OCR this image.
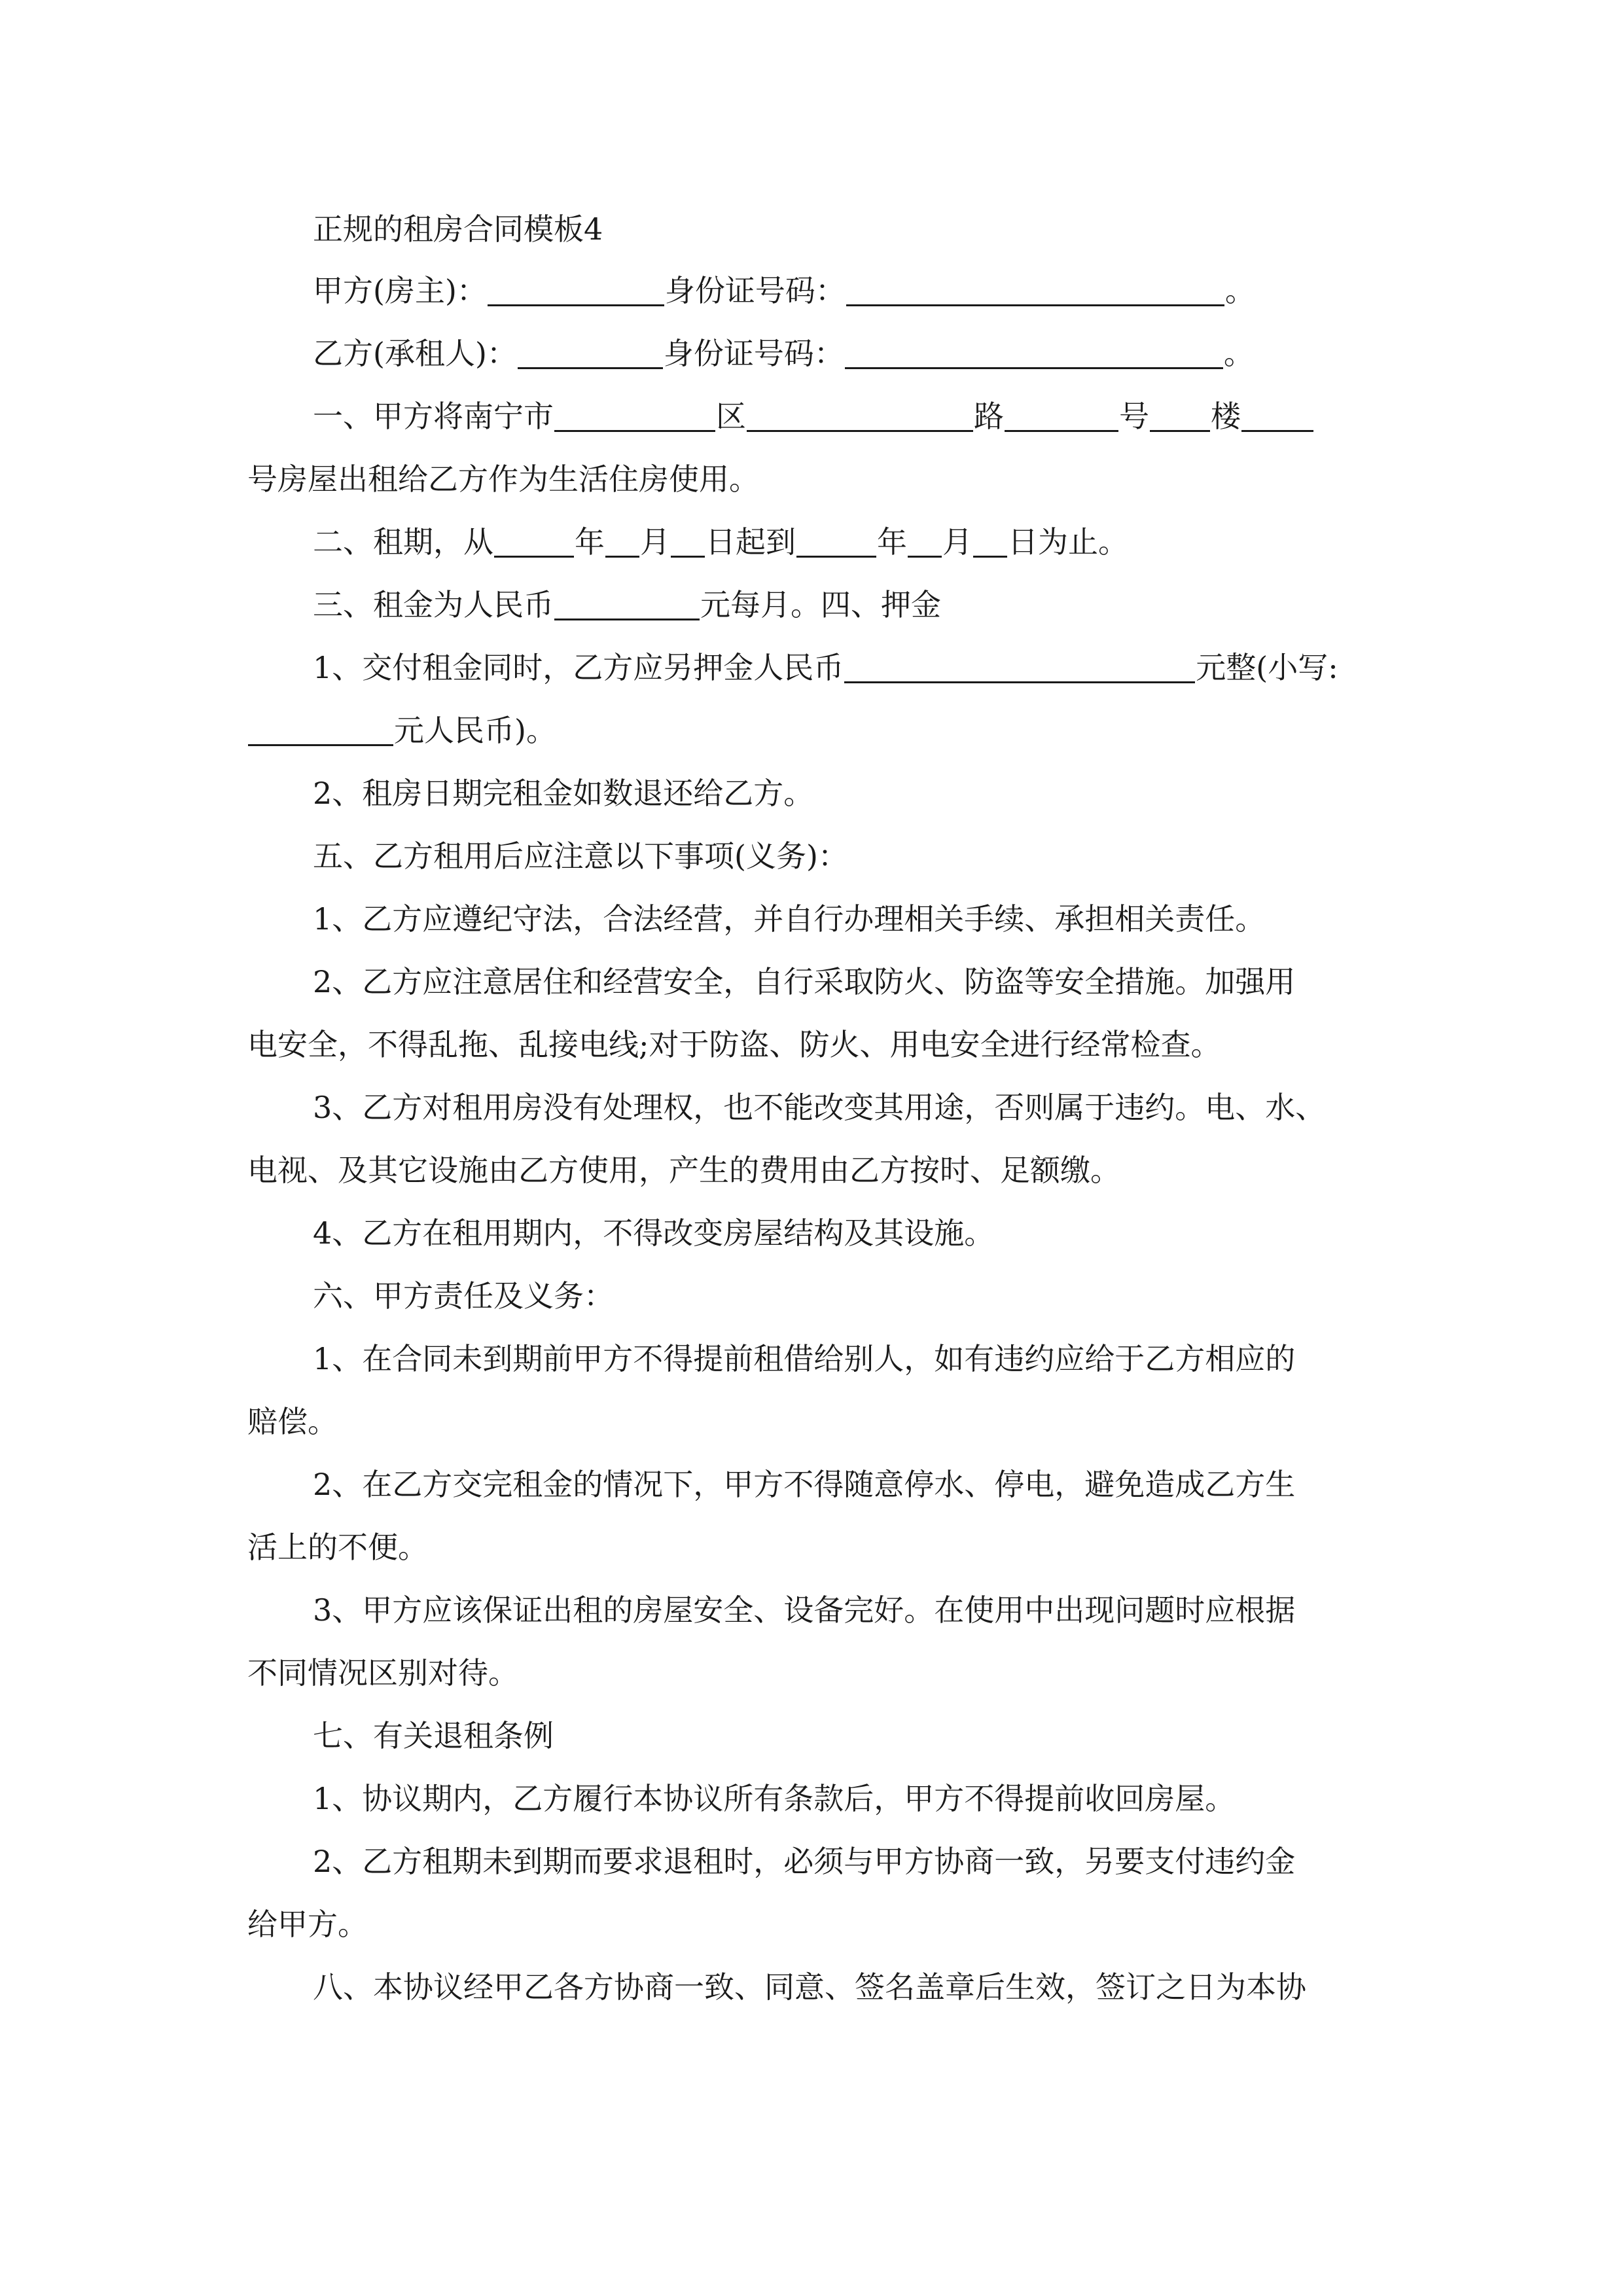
正规的租房合同模板4

甲方(房主)：	身份证号码：	。

乙方(承租人)：	身份证号码：	。

一、甲方将南宁市	区	路	号 楼

号房屋出租给乙方作为生活住房使用。

二、租期，从	年 月 日起到	年 月 日为止。

三、租金为人民币	元每月。四、押金

1、交付租金同时，乙方应另押金人民币	元整(小写:

元人民币)。

2、租房日期完租金如数退还给乙方。

五、乙方租用后应注意以下事项(义务)：

1、乙方应遵纪守法，合法经营，并自行办理相关手续、承担相关责任。

2、乙方应注意居住和经营安全，自行采取防火、防盗等安全措施。加强用

电安全，不得乱拖、乱接电线;对于防盗、防火、用电安全进行经常检查。

3、乙方对租用房没有处理权，也不能改变其用途，否则属于违约。电、水、

电视、及其它设施由乙方使用，产生的费用由乙方按时、足额缴。

4、乙方在租用期内，不得改变房屋结构及其设施。

六、甲方责任及义务：

1、在合同未到期前甲方不得提前租借给别人，如有违约应给于乙方相应的

赔偿。

2、在乙方交完租金的情况下，甲方不得随意停水、停电，避免造成乙方生

活上的不便。

3、甲方应该保证出租的房屋安全、设备完好。在使用中出现问题时应根据

不同情况区别对待。

七、有关退租条例

1、协议期内，乙方履行本协议所有条款后，甲方不得提前收回房屋。

2、乙方租期未到期而要求退租时，必须与甲方协商一致，另要支付违约金

给甲方。

八、本协议经甲乙各方协商一致、同意、签名盖章后生效，签订之日为本协
